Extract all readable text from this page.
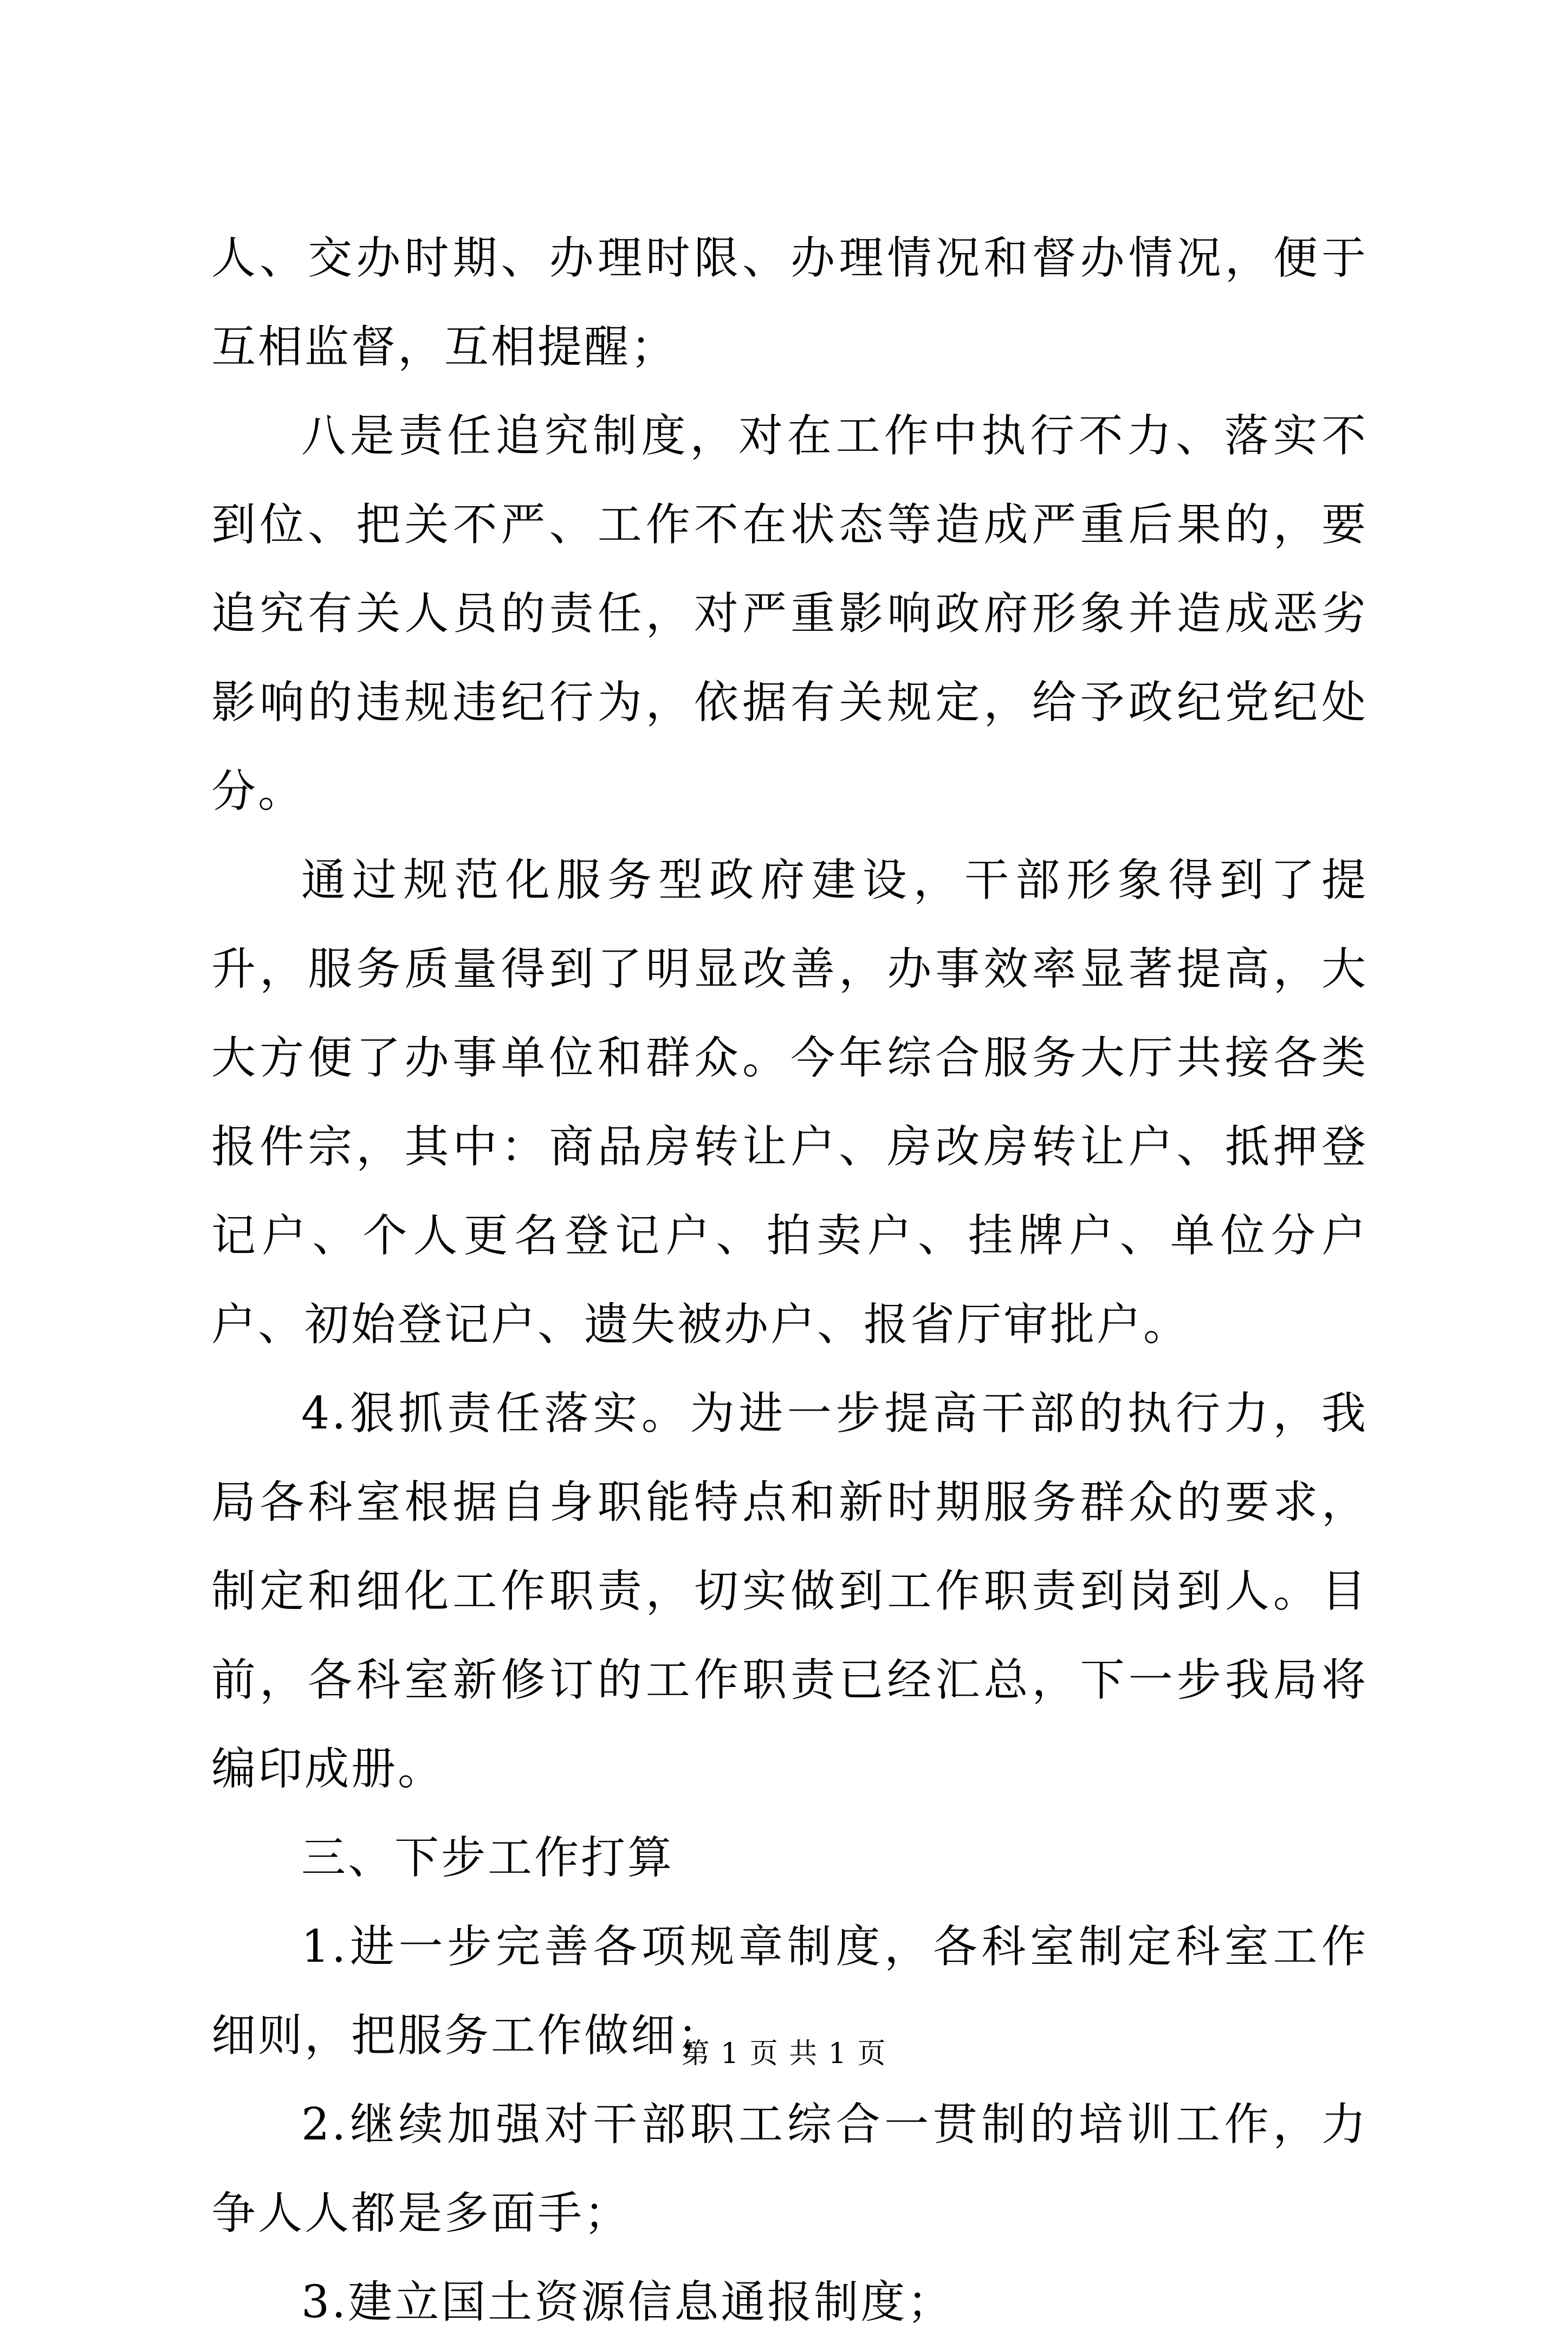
人、交办时期、办理时限、办理情况和督办情况，便于互相监督，互相提醒；

八是责任追究制度，对在工作中执行不力、落实不到位、把关不严、工作不在状态等造成严重后果的，要追究有关人员的责任，对严重影响政府形象并造成恶劣影响的违规违纪行为，依据有关规定，给予政纪党纪处分。

通过规范化服务型政府建设，干部形象得到了提升，服务质量得到了明显改善，办事效率显著提高，大大方便了办事单位和群众。今年综合服务大厅共接各类报件宗，其中：商品房转让户、房改房转让户、抵押登记户、个人更名登记户、拍卖户、挂牌户、单位分户户、初始登记户、遗失被办户、报省厅审批户。

4.狠抓责任落实。为进一步提高干部的执行力，我局各科室根据自身职能特点和新时期服务群众的要求，制定和细化工作职责，切实做到工作职责到岗到人。目前，各科室新修订的工作职责已经汇总，下一步我局将编印成册。

三、下步工作打算

1.进一步完善各项规章制度，各科室制定科室工作细则，把服务工作做细；

2.继续加强对干部职工综合一贯制的培训工作，力争人人都是多面手；

3.建立国土资源信息通报制度；

第 1 页 共 1 页
